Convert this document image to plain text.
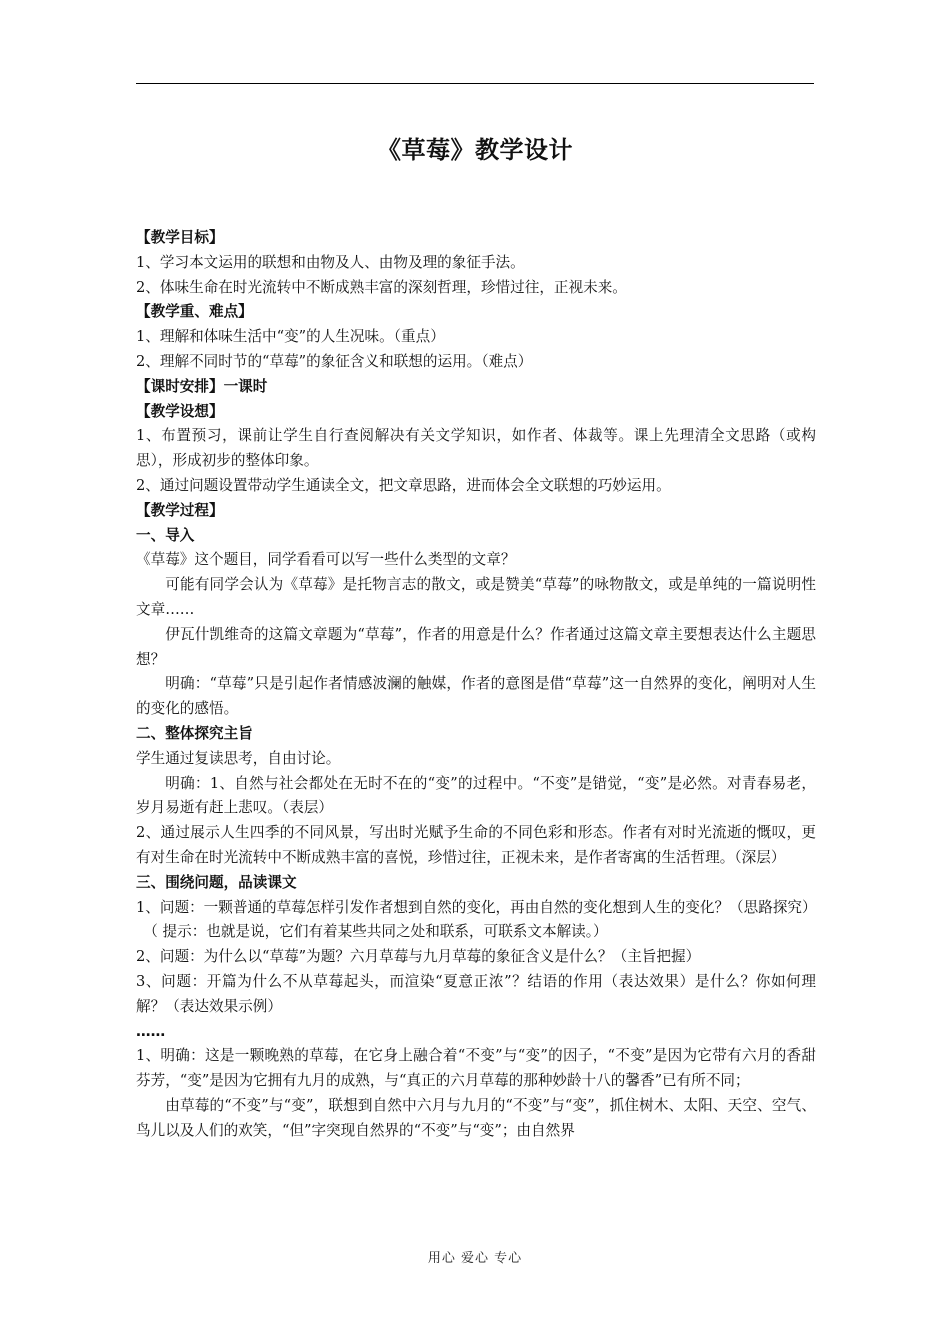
《草莓》教学设计

【教学目标】

1、学习本文运用的联想和由物及人、由物及理的象征手法。

2、体味生命在时光流转中不断成熟丰富的深刻哲理，珍惜过往，正视未来。

【教学重、难点】

1、理解和体味生活中“变”的人生况味。（重点）

2、理解不同时节的“草莓”的象征含义和联想的运用。（难点）

【课时安排】一课时

【教学设想】

1、布置预习，课前让学生自行查阅解决有关文学知识，如作者、体裁等。课上先理清全文思路（或构思），形成初步的整体印象。

2、通过问题设置带动学生通读全文，把文章思路，进而体会全文联想的巧妙运用。

【教学过程】

一、导入

《草莓》这个题目，同学看看可以写一些什么类型的文章？

可能有同学会认为《草莓》是托物言志的散文，或是赞美“草莓”的咏物散文，或是单纯的一篇说明性文章……

伊瓦什凯维奇的这篇文章题为“草莓”，作者的用意是什么？作者通过这篇文章主要想表达什么主题思想？

明确：“草莓”只是引起作者情感波澜的触媒，作者的意图是借“草莓”这一自然界的变化，阐明对人生的变化的感悟。

二、整体探究主旨

学生通过复读思考，自由讨论。

明确：1、自然与社会都处在无时不在的“变”的过程中。“不变”是错觉，“变”是必然。对青春易老，岁月易逝有赶上悲叹。（表层）

2、通过展示人生四季的不同风景，写出时光赋予生命的不同色彩和形态。作者有对时光流逝的慨叹，更有对生命在时光流转中不断成熟丰富的喜悦，珍惜过往，正视未来，是作者寄寓的生活哲理。（深层）

三、围绕问题，品读课文

1、问题：一颗普通的草莓怎样引发作者想到自然的变化，再由自然的变化想到人生的变化？（思路探究）

（ 提示：也就是说，它们有着某些共同之处和联系，可联系文本解读。）

2、问题：为什么以“草莓”为题？六月草莓与九月草莓的象征含义是什么？（主旨把握）

3、问题：开篇为什么不从草莓起头，而渲染“夏意正浓”？结语的作用（表达效果）是什么？你如何理解？（表达效果示例）

……

1、明确：这是一颗晚熟的草莓，在它身上融合着“不变”与“变”的因子，“不变”是因为它带有六月的香甜芬芳，“变”是因为它拥有九月的成熟，与“真正的六月草莓的那种妙龄十八的馨香”已有所不同；

由草莓的“不变”与“变”，联想到自然中六月与九月的“不变”与“变”，抓住树木、太阳、天空、空气、鸟儿以及人们的欢笑，“但”字突现自然界的“不变”与“变”；由自然界

用心 爱心 专心
